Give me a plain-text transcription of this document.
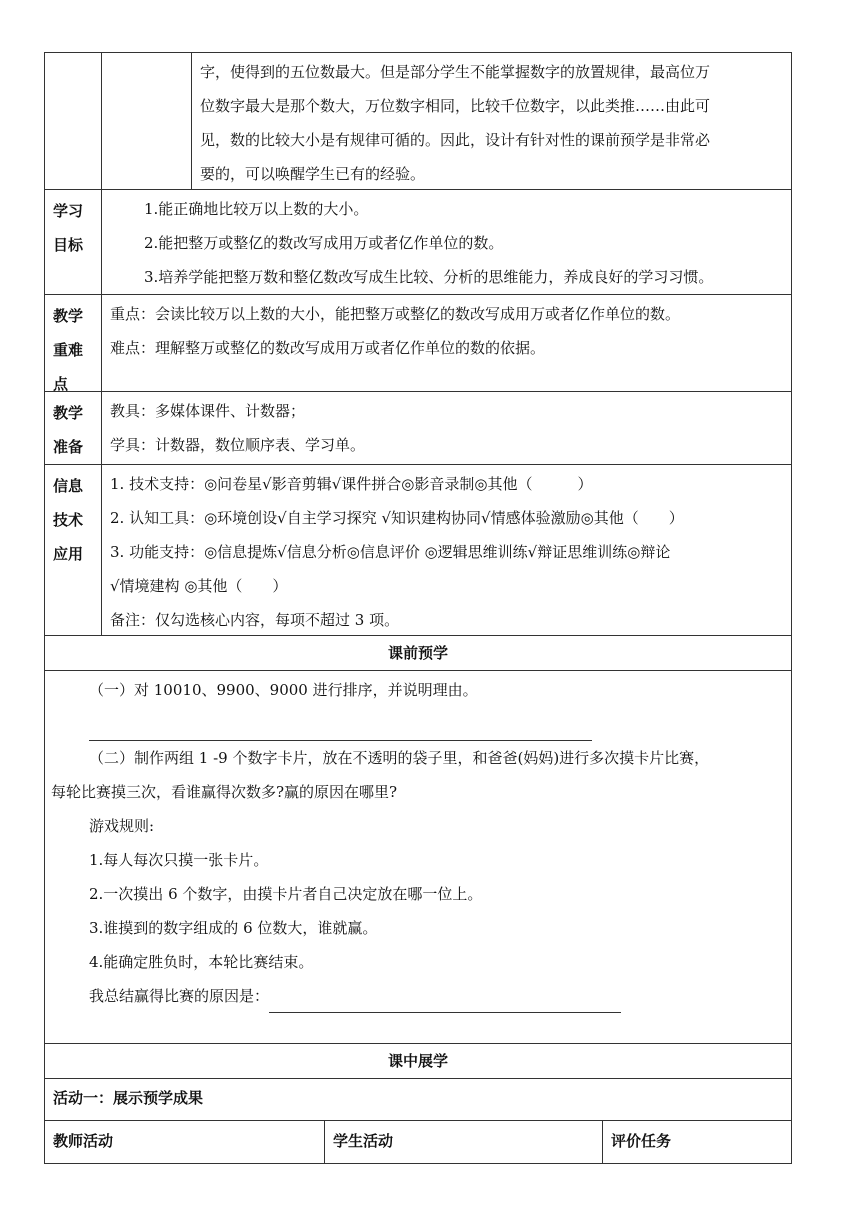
字，使得到的五位数最大。但是部分学生不能掌握数字的放置规律，最高位万
位数字最大是那个数大，万位数字相同，比较千位数字，以此类推……由此可
见，数的比较大小是有规律可循的。因此，设计有针对性的课前预学是非常必
要的，可以唤醒学生已有的经验。
学习
目标
1.能正确地比较万以上数的大小。
2.能把整万或整亿的数改写成用万或者亿作单位的数。
3.培养学能把整万数和整亿数改写成生比较、分析的思维能力，养成良好的学习习惯。
教学
重难
点
重点：会读比较万以上数的大小，能把整万或整亿的数改写成用万或者亿作单位的数。
难点：理解整万或整亿的数改写成用万或者亿作单位的数的依据。
教学
准备
教具：多媒体课件、计数器；
学具：计数器，数位顺序表、学习单。
信息
技术
应用
1. 技术支持：◎问卷星√影音剪辑√课件拼合◎影音录制◎其他（　　　）
2. 认知工具：◎环境创设√自主学习探究 √知识建构协同√情感体验激励◎其他（　　）
3. 功能支持：◎信息提炼√信息分析◎信息评价 ◎逻辑思维训练√辩证思维训练◎辩论
√情境建构 ◎其他（　　）
备注：仅勾选核心内容，每项不超过 3 项。
课前预学
（一）对 10010、9900、9000 进行排序，并说明理由。
（二）制作两组 1 -9 个数字卡片，放在不透明的袋子里，和爸爸(妈妈)进行多次摸卡片比赛，
每轮比赛摸三次，看谁赢得次数多?赢的原因在哪里?
游戏规则:
1.每人每次只摸一张卡片。
2.一次摸出 6 个数字，由摸卡片者自己决定放在哪一位上。
3.谁摸到的数字组成的 6 位数大，谁就赢。
4.能确定胜负时，本轮比赛结束。
我总结赢得比赛的原因是：
课中展学
活动一：展示预学成果
教师活动	学生活动	评价任务
